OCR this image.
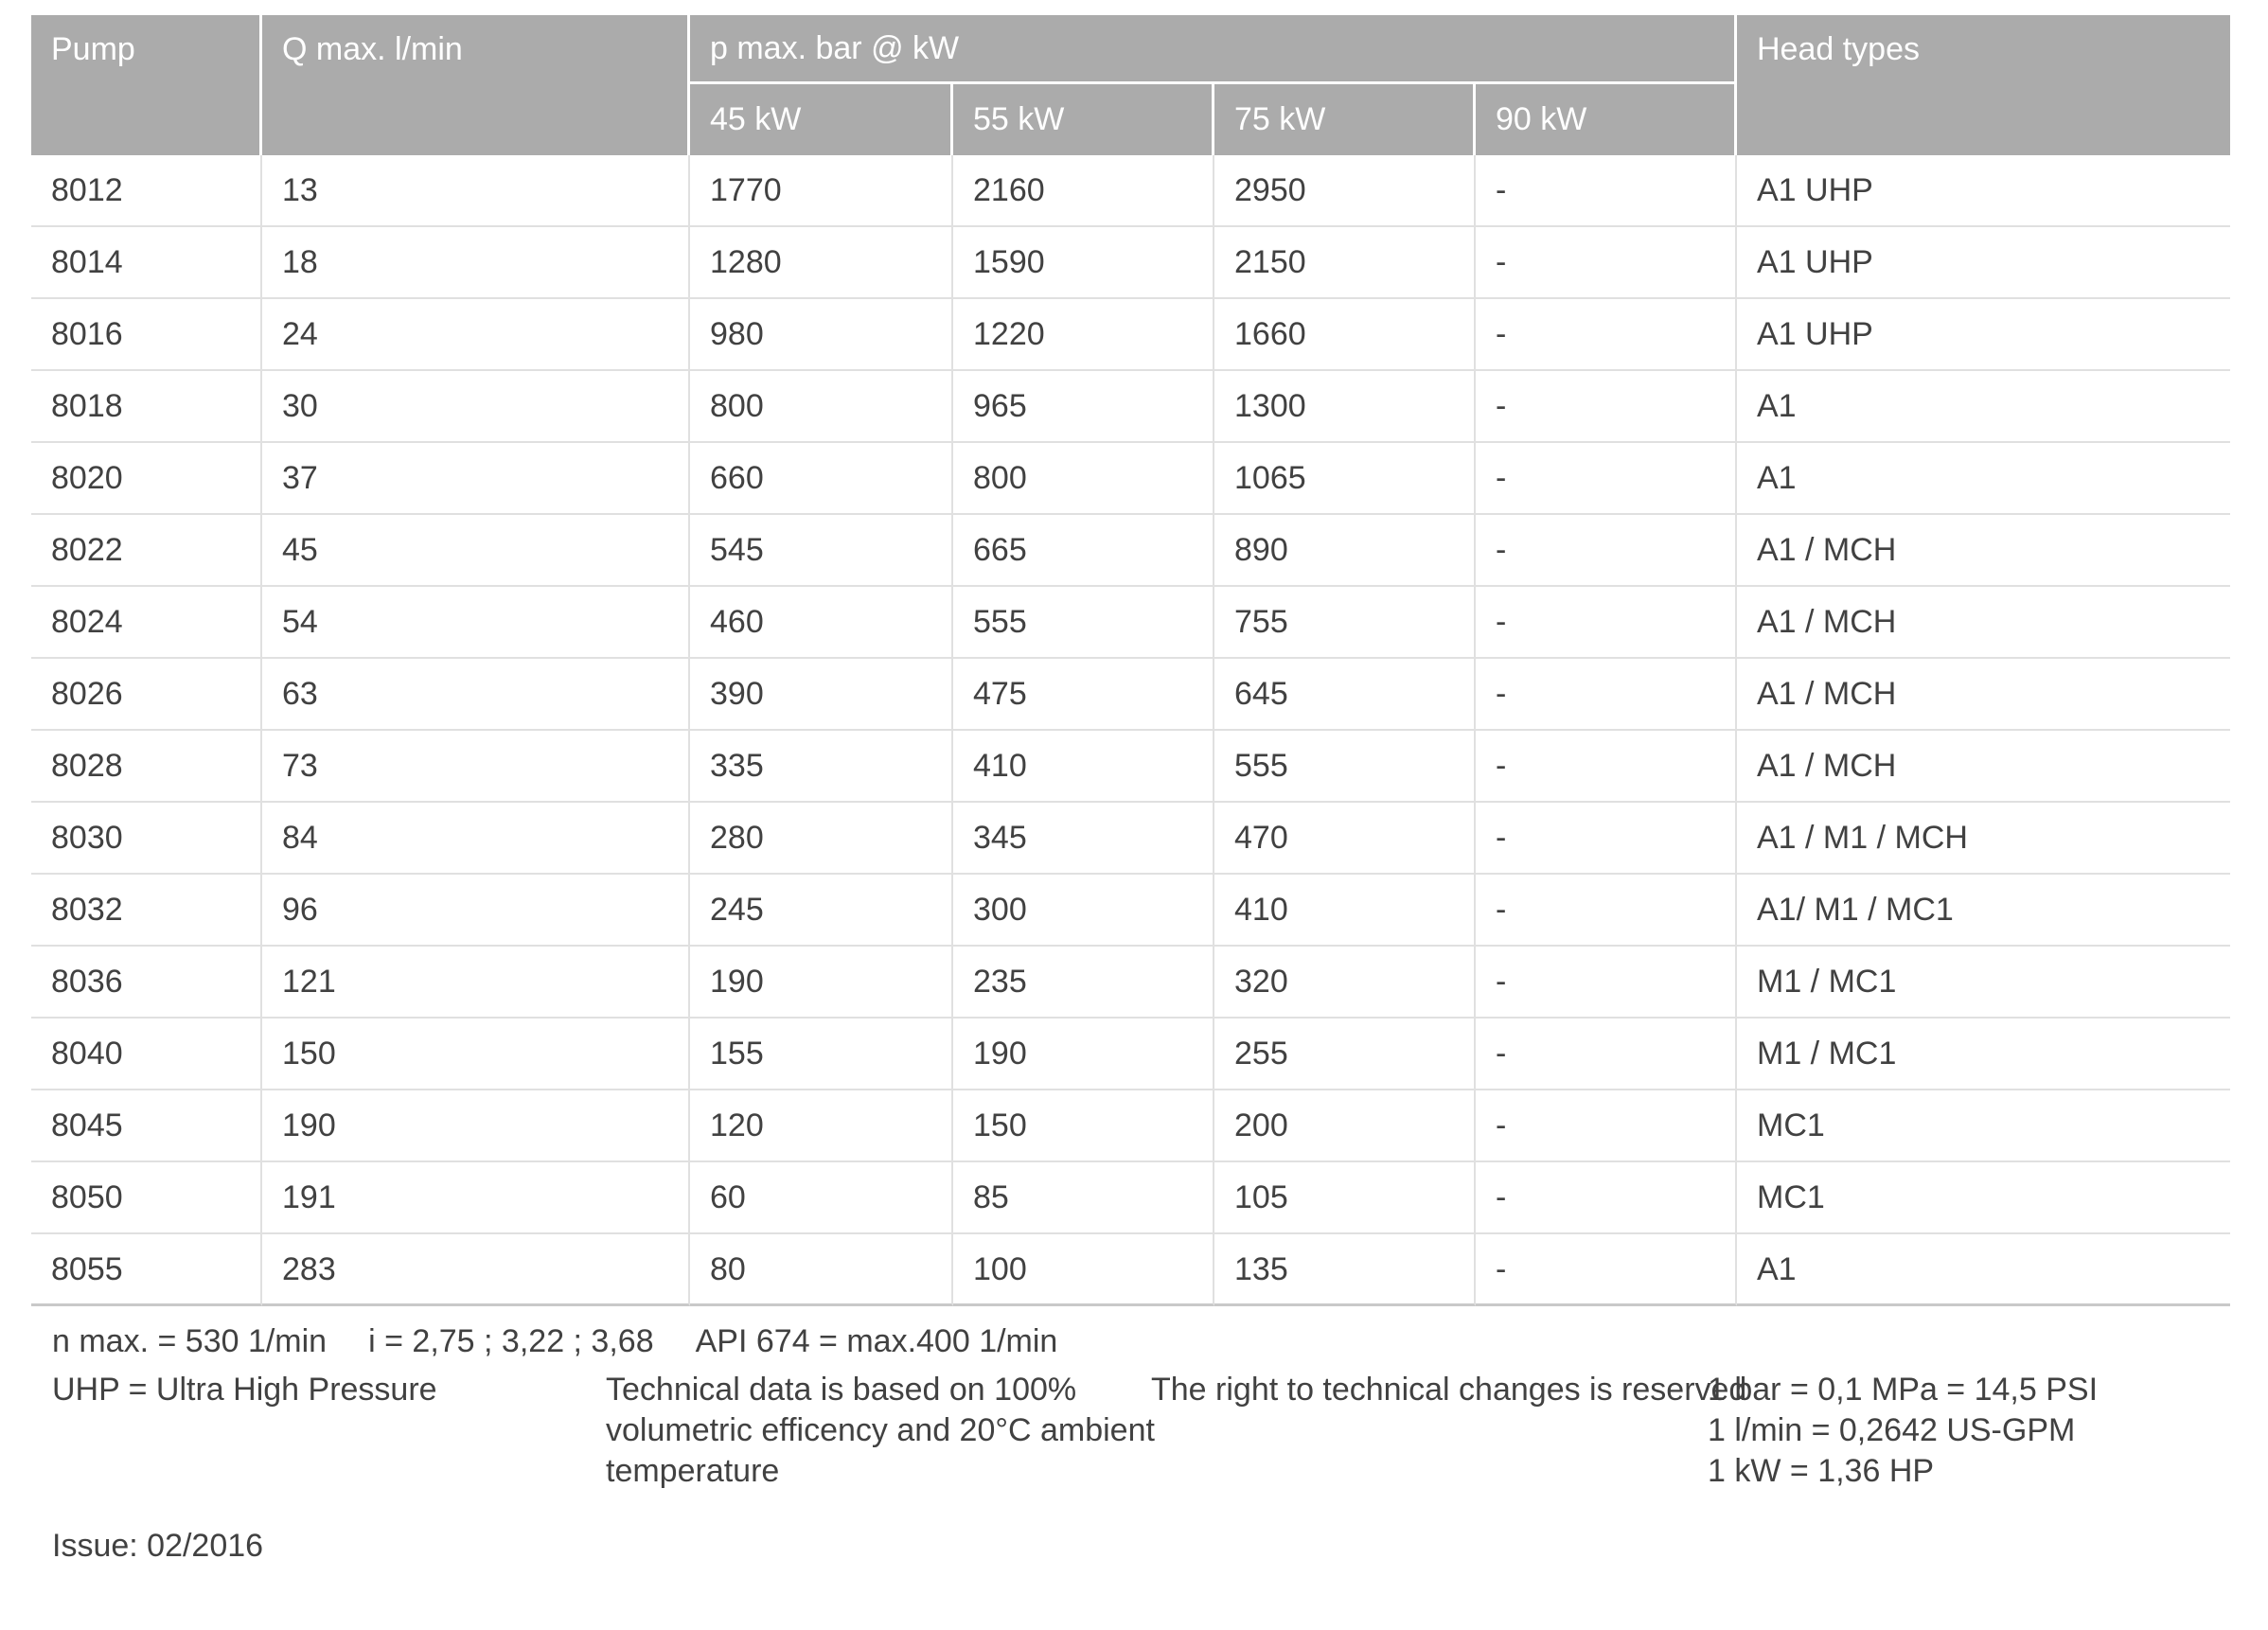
Pump	Q max. l/min	p max. bar @ kW	Head types
45 kW	55 kW	75 kW	90 kW
8012	13	1770	2160	2950	-	A1 UHP
8014	18	1280	1590	2150	-	A1 UHP
8016	24	980	1220	1660	-	A1 UHP
8018	30	800	965	1300	-	A1
8020	37	660	800	1065	-	A1
8022	45	545	665	890	-	A1 / MCH
8024	54	460	555	755	-	A1 / MCH
8026	63	390	475	645	-	A1 / MCH
8028	73	335	410	555	-	A1 / MCH
8030	84	280	345	470	-	A1 / M1 / MCH
8032	96	245	300	410	-	A1/ M1 / MC1
8036	121	190	235	320	-	M1 / MC1
8040	150	155	190	255	-	M1 / MC1
8045	190	120	150	200	-	MC1
8050	191	60	85	105	-	MC1
8055	283	80	100	135	-	A1
n max. = 530 1/min i = 2,75 ; 3,22 ; 3,68 API 674 = max.400 1/min
UHP = Ultra High Pressure	Technical data is based on 100%
volumetric efficency and 20°C ambient
temperature
The right to technical changes is reserved
1 bar = 0,1 MPa = 14,5 PSI
1 l/min = 0,2642 US-GPM
1 kW = 1,36 HP
Issue: 02/2016
